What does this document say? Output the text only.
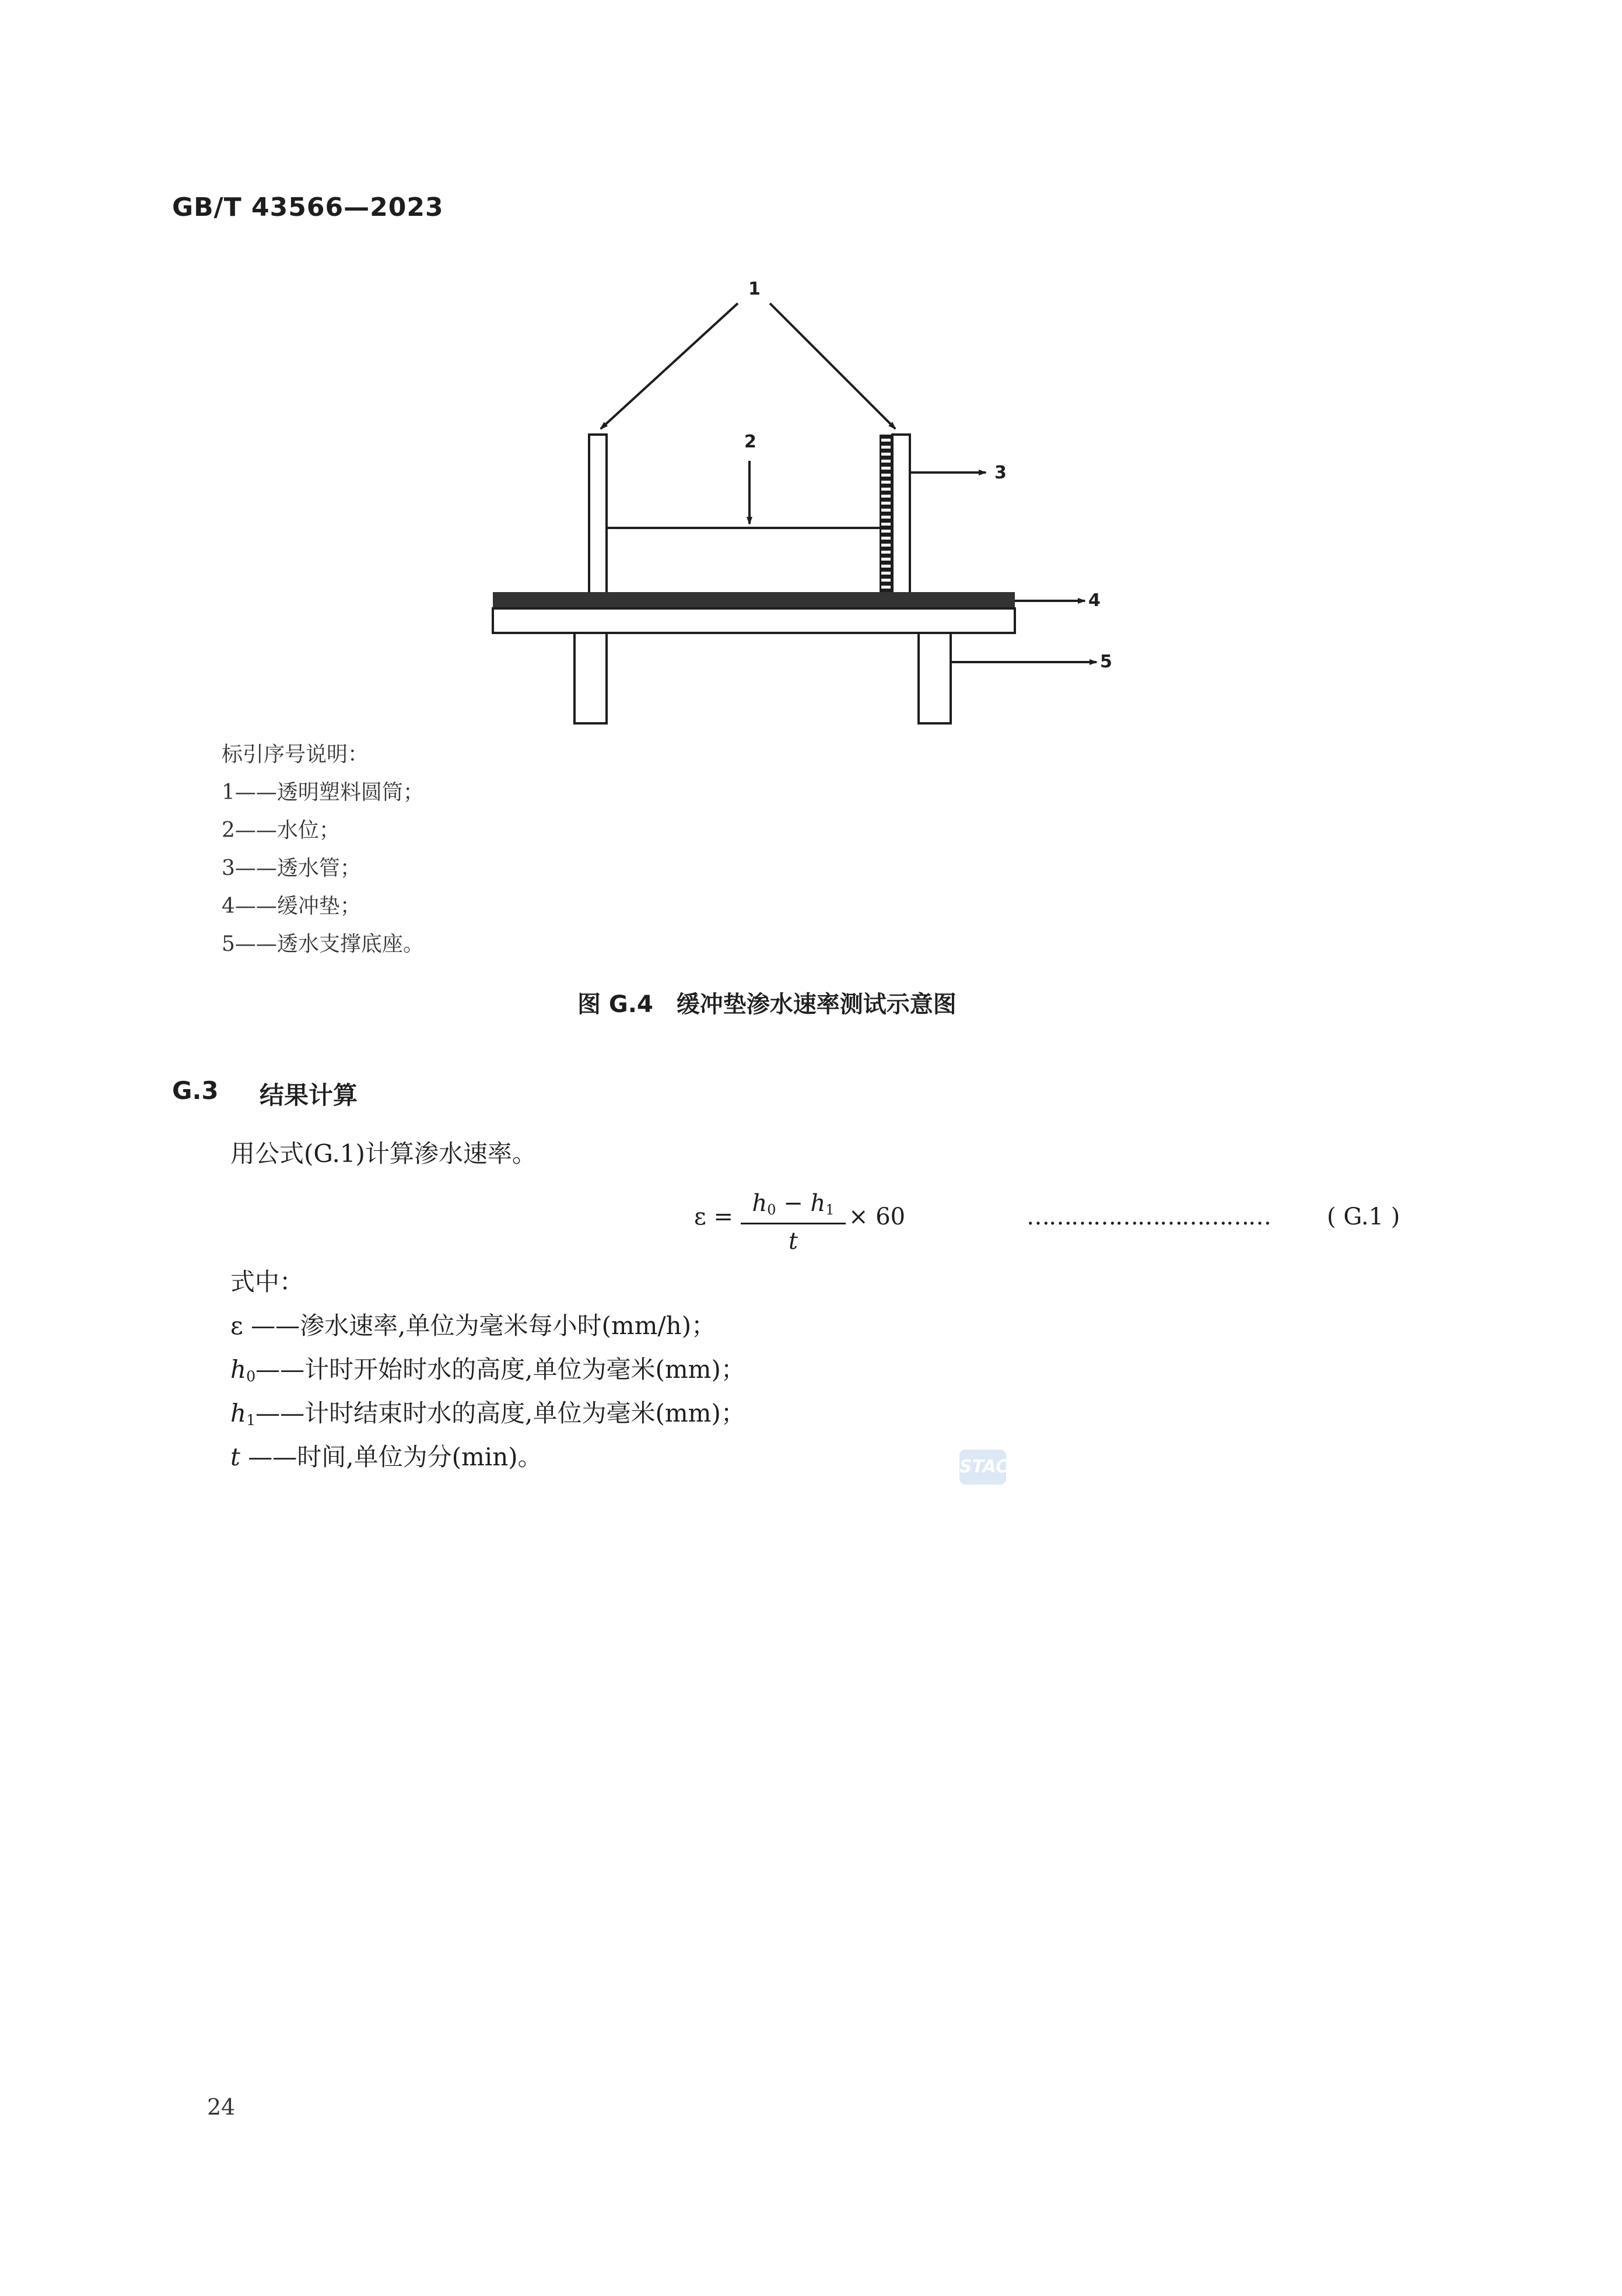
GB/T 43566—2023
1
2
3
4
5
标引序号说明：
1——透明塑料圆筒；
2——水位；
3——透水管；
4——缓冲垫；
5——透水支撑底座。
图 G.4　缓冲垫渗水速率测试示意图
G.3 结果计算
用公式(G.1)计算渗水速率。
$\varepsilon = h_0 - h_1$
t
× 60	…………………………… ( G.1 )
式中：
ε ——渗水速率,单位为毫米每小时(mm/h)；
$h_0——$计时开始时水的高度,单位为毫米(mm)；
$h_1——$计时结束时水的高度,单位为毫米(mm)；
t ——时间,单位为分(min)。	STAC
24
